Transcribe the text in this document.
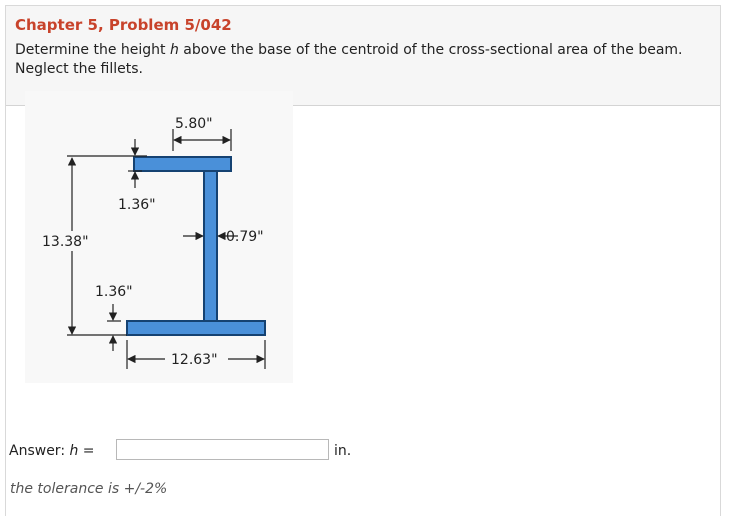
Chapter 5, Problem 5/042
Determine the height h above the base of the centroid of the cross-sectional area of the beam. Neglect the fillets.
5.80"
1.36"
0.79"
13.38"
1.36"
12.63"
Answer: h =	in.
the tolerance is +/-2%
